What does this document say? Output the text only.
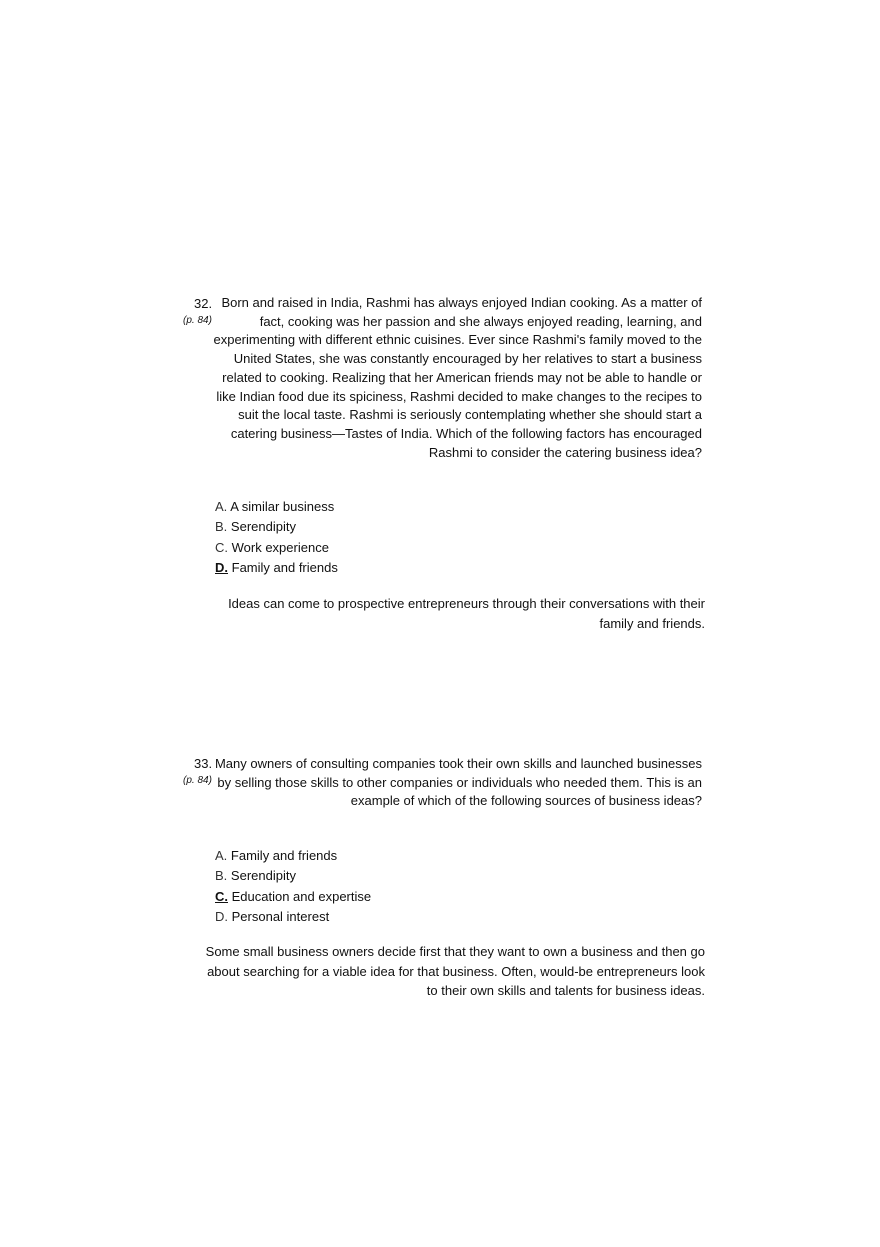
32.
(p. 84)
Born and raised in India, Rashmi has always enjoyed Indian cooking. As a matter of
fact, cooking was her passion and she always enjoyed reading, learning, and
experimenting with different ethnic cuisines. Ever since Rashmi's family moved to the
United States, she was constantly encouraged by her relatives to start a business
related to cooking. Realizing that her American friends may not be able to handle or
like Indian food due its spiciness, Rashmi decided to make changes to the recipes to
suit the local taste. Rashmi is seriously contemplating whether she should start a
catering business—Tastes of India. Which of the following factors has encouraged
Rashmi to consider the catering business idea?
A. A similar business
B. Serendipity
C. Work experience
D. Family and friends
Ideas can come to prospective entrepreneurs through their conversations with their
family and friends.
33.
(p. 84)
Many owners of consulting companies took their own skills and launched businesses
by selling those skills to other companies or individuals who needed them. This is an
example of which of the following sources of business ideas?
A. Family and friends
B. Serendipity
C. Education and expertise
D. Personal interest
Some small business owners decide first that they want to own a business and then go
about searching for a viable idea for that business. Often, would-be entrepreneurs look
to their own skills and talents for business ideas.
